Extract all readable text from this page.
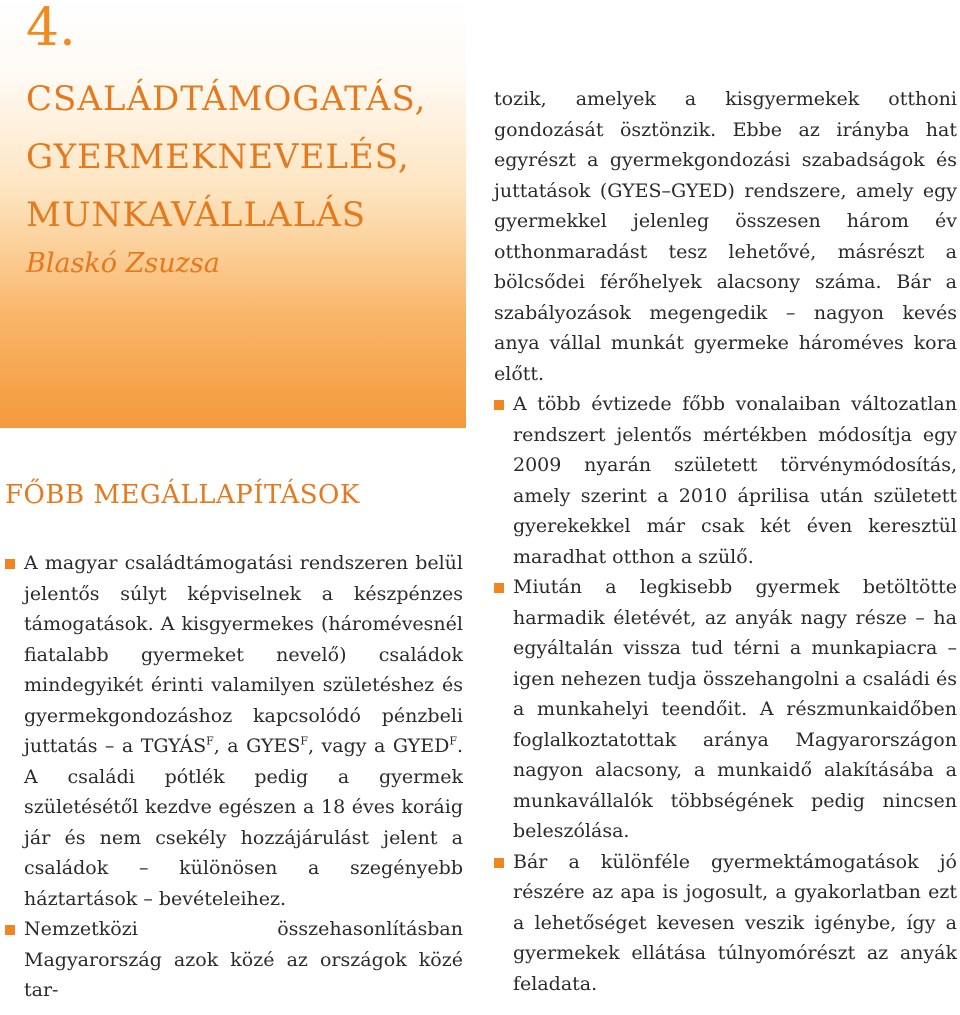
4.
CSALÁDTÁMOGATÁS,
GYERMEKNEVELÉS,
MUNKAVÁLLALÁS
Blaskó Zsuzsa
FŐBB MEGÁLLAPÍTÁSOK

A magyar családtámogatási rendszeren belül jelentős súlyt képviselnek a készpénzes támogatások. A kisgyermekes (háromévesnél fiatalabb gyermeket nevelő) családok mindegyikét érinti valamilyen születéshez és gyermekgondozáshoz kapcsolódó pénzbeli juttatás – a $TGYÁS^F$, a $GYES^F$, vagy a $GYED^F$. A családi pótlék pedig a gyermek születésétől kezdve egészen a 18 éves koráig jár és nem csekély hozzájárulást jelent a családok – különösen a szegényebb háztartások – bevételeihez.

Nemzetközi összehasonlításban Magyarország azok közé az országok közé tar-

tozik, amelyek a kisgyermekek otthoni gondozását ösztönzik. Ebbe az irányba hat egyrészt a gyermekgondozási szabadságok és juttatások (GYES–GYED) rendszere, amely egy gyermekkel jelenleg összesen három év otthonmaradást tesz lehetővé, másrészt a bölcsődei férőhelyek alacsony száma. Bár a szabályozások megengedik – nagyon kevés anya vállal munkát gyermeke hároméves kora előtt.

A több évtizede főbb vonalaiban változatlan rendszert jelentős mértékben módosítja egy 2009 nyarán született törvénymódosítás, amely szerint a 2010 áprilisa után született gyerekekkel már csak két éven keresztül maradhat otthon a szülő.

Miután a legkisebb gyermek betöltötte harmadik életévét, az anyák nagy része – ha egyáltalán vissza tud térni a munkapiacra – igen nehezen tudja összehangolni a családi és a munkahelyi teendőit. A részmunkaidőben foglalkoztatottak aránya Magyarországon nagyon alacsony, a munkaidő alakításába a munkavállalók többségének pedig nincsen beleszólása.

Bár a különféle gyermektámogatások jó részére az apa is jogosult, a gyakorlatban ezt a lehetőséget kevesen veszik igénybe, így a gyermekek ellátása túlnyomórészt az anyák feladata.
